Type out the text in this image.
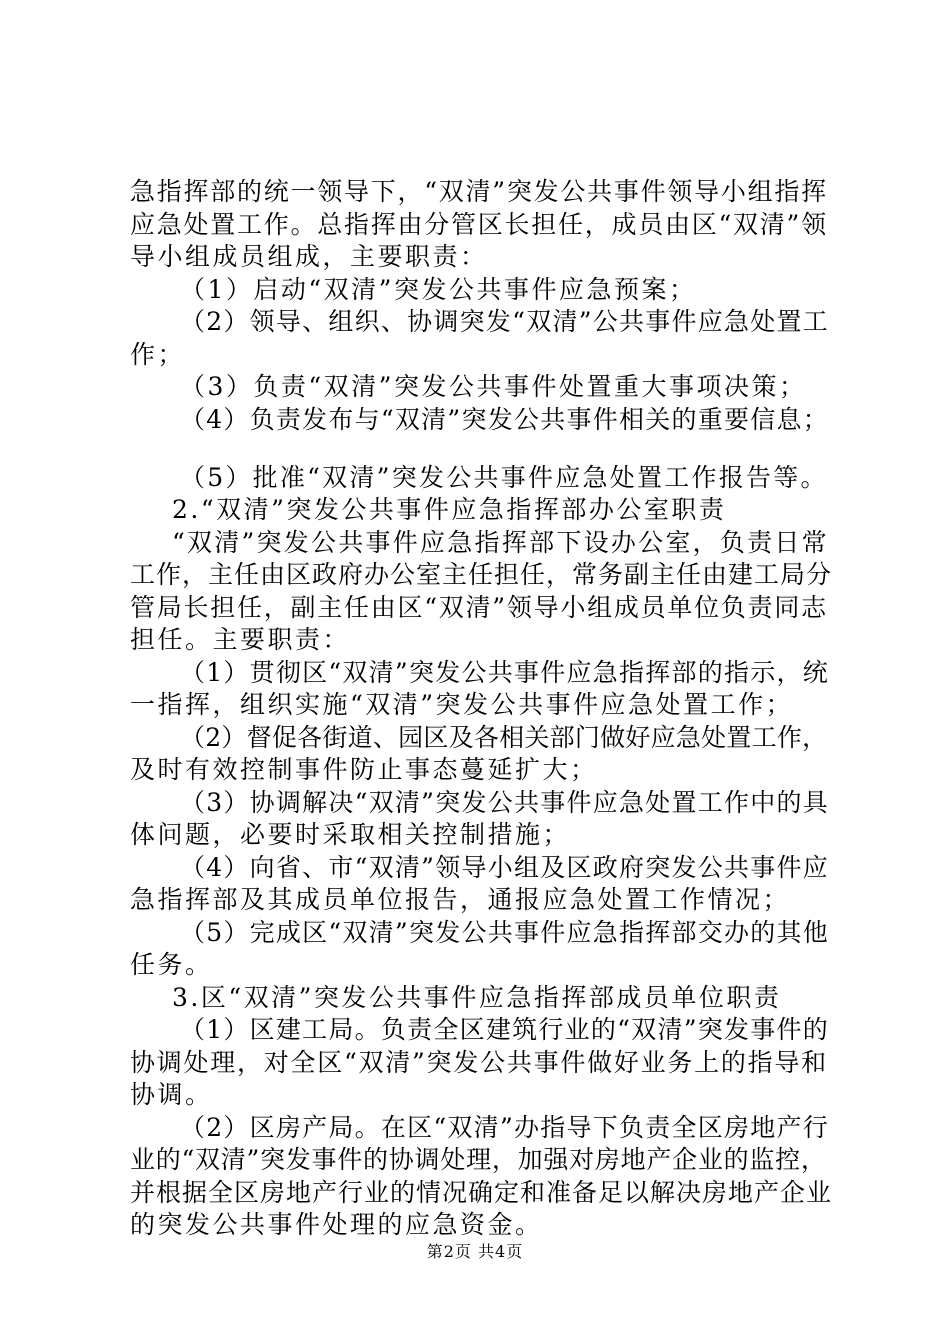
急指挥部的统一领导下，“双清”突发公共事件领导小组指挥
应急处置工作。总指挥由分管区长担任，成员由区“双清”领
导小组成员组成，主要职责：
（1）启动“双清”突发公共事件应急预案；
（2）领导、组织、协调突发“双清”公共事件应急处置工
作；
（3）负责“双清”突发公共事件处置重大事项决策；
（4）负责发布与“双清”突发公共事件相关的重要信息；
（5）批准“双清”突发公共事件应急处置工作报告等。
2.“双清”突发公共事件应急指挥部办公室职责
“双清”突发公共事件应急指挥部下设办公室，负责日常
工作，主任由区政府办公室主任担任，常务副主任由建工局分
管局长担任，副主任由区“双清”领导小组成员单位负责同志
担任。主要职责：
（1）贯彻区“双清”突发公共事件应急指挥部的指示，统
一指挥，组织实施“双清”突发公共事件应急处置工作；
（2）督促各街道、园区及各相关部门做好应急处置工作，
及时有效控制事件防止事态蔓延扩大；
（3）协调解决“双清”突发公共事件应急处置工作中的具
体问题，必要时采取相关控制措施；
（4）向省、市“双清”领导小组及区政府突发公共事件应
急指挥部及其成员单位报告，通报应急处置工作情况；
（5）完成区“双清”突发公共事件应急指挥部交办的其他
任务。
3.区“双清”突发公共事件应急指挥部成员单位职责
（1）区建工局。负责全区建筑行业的“双清”突发事件的
协调处理，对全区“双清”突发公共事件做好业务上的指导和
协调。
（2）区房产局。在区“双清”办指导下负责全区房地产行
业的“双清”突发事件的协调处理，加强对房地产企业的监控，
并根据全区房地产行业的情况确定和准备足以解决房地产企业
的突发公共事件处理的应急资金。
第2页 共4页
